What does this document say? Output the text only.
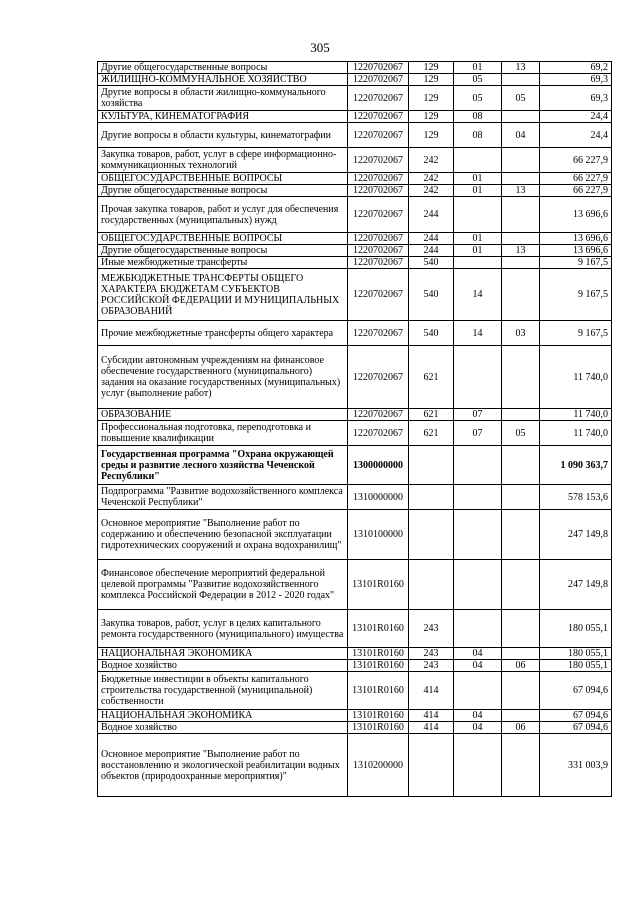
305
Другие общегосударственные вопросы	1220702067	129	01	13	69,2
ЖИЛИЩНО-КОММУНАЛЬНОЕ ХОЗЯЙСТВО	1220702067	129	05		69,3
Другие вопросы в области жилищно-коммунального хозяйства	1220702067	129	05	05	69,3
КУЛЬТУРА, КИНЕМАТОГРАФИЯ	1220702067	129	08		24,4
Другие вопросы в области культуры, кинематографии	1220702067	129	08	04	24,4
Закупка товаров, работ, услуг в сфере информационно-коммуникационных технологий	1220702067	242			66 227,9
ОБЩЕГОСУДАРСТВЕННЫЕ ВОПРОСЫ	1220702067	242	01		66 227,9
Другие общегосударственные вопросы	1220702067	242	01	13	66 227,9
Прочая закупка товаров, работ и услуг для обеспечения государственных (муниципальных) нужд	1220702067	244			13 696,6
ОБЩЕГОСУДАРСТВЕННЫЕ ВОПРОСЫ	1220702067	244	01		13 696,6
Другие общегосударственные вопросы	1220702067	244	01	13	13 696,6
Иные межбюджетные трансферты	1220702067	540			9 167,5
МЕЖБЮДЖЕТНЫЕ ТРАНСФЕРТЫ ОБЩЕГО ХАРАКТЕРА БЮДЖЕТАМ СУБЪЕКТОВ РОССИЙСКОЙ ФЕДЕРАЦИИ И МУНИЦИПАЛЬНЫХ ОБРАЗОВАНИЙ	1220702067	540	14		9 167,5
Прочие межбюджетные трансферты общего характера	1220702067	540	14	03	9 167,5
Субсидии автономным учреждениям на финансовое обеспечение государственного (муниципального) задания на оказание государственных (муниципальных) услуг (выполнение работ)	1220702067	621			11 740,0
ОБРАЗОВАНИЕ	1220702067	621	07		11 740,0
Профессиональная подготовка, переподготовка и повышение квалификации	1220702067	621	07	05	11 740,0
Государственная программа "Охрана окружающей среды и развитие лесного хозяйства Чеченской Республики"	1300000000				1 090 363,7
Подпрограмма "Развитие водохозяйственного комплекса Чеченской Республики"	1310000000				578 153,6
Основное мероприятие "Выполнение работ по содержанию и обеспечению безопасной эксплуатации гидротехнических сооружений и охрана водохранилищ"	1310100000				247 149,8
Финансовое обеспечение мероприятий федеральной целевой программы "Развитие водохозяйственного комплекса Российской Федерации в 2012 - 2020 годах"	13101R0160				247 149,8
Закупка товаров, работ, услуг в целях капитального ремонта государственного (муниципального) имущества	13101R0160	243			180 055,1
НАЦИОНАЛЬНАЯ ЭКОНОМИКА	13101R0160	243	04		180 055,1
Водное хозяйство	13101R0160	243	04	06	180 055,1
Бюджетные инвестиции в объекты капитального строительства государственной (муниципальной) собственности	13101R0160	414			67 094,6
НАЦИОНАЛЬНАЯ ЭКОНОМИКА	13101R0160	414	04		67 094,6
Водное хозяйство	13101R0160	414	04	06	67 094,6
Основное мероприятие "Выполнение работ по восстановлению и экологической реабилитации водных объектов (природоохранные мероприятия)"	1310200000				331 003,9
